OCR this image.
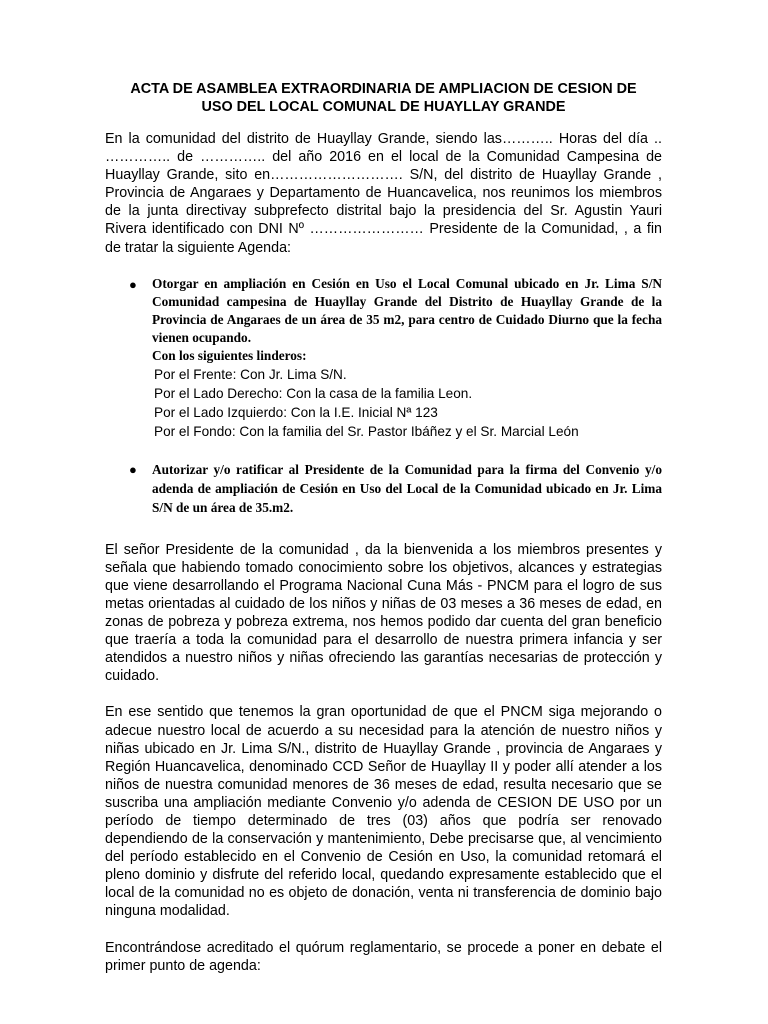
ACTA DE ASAMBLEA EXTRAORDINARIA DE AMPLIACION DE CESION DE
USO DEL LOCAL COMUNAL DE HUAYLLAY GRANDE

En la comunidad del distrito de Huayllay Grande, siendo las……….. Horas del día .. ………….. de ………….. del año 2016 en el local de la Comunidad Campesina de Huayllay Grande, sito en………………………. S/N, del distrito de Huayllay Grande , Provincia de Angaraes y Departamento de Huancavelica, nos reunimos los miembros de la junta directivay subprefecto distrital bajo la presidencia del Sr. Agustin Yauri Rivera identificado con DNI Nº …………………… Presidente de la Comunidad, , a fin de tratar la siguiente Agenda:

● Otorgar en ampliación en Cesión en Uso el Local Comunal ubicado en Jr. Lima S/N Comunidad campesina de Huayllay Grande del Distrito de Huayllay Grande de la Provincia de Angaraes de un área de 35 m2, para centro de Cuidado Diurno que la fecha vienen ocupando.

Con los siguientes linderos:

Por el Frente: Con Jr. Lima S/N.
Por el Lado Derecho: Con la casa de la familia Leon.
Por el Lado Izquierdo: Con la I.E. Inicial Nª 123
Por el Fondo: Con la familia del Sr. Pastor Ibáñez y el Sr. Marcial León
● Autorizar y/o ratificar al Presidente de la Comunidad para la firma del Convenio y/o adenda de ampliación de Cesión en Uso del Local de la Comunidad ubicado en Jr. Lima S/N de un área de 35.m2.

El señor Presidente de la comunidad , da la bienvenida a los miembros presentes y señala que habiendo tomado conocimiento sobre los objetivos, alcances y estrategias que viene desarrollando el Programa Nacional Cuna Más - PNCM para el logro de sus metas orientadas al cuidado de los niños y niñas de 03 meses a 36 meses de edad, en zonas de pobreza y pobreza extrema, nos hemos podido dar cuenta del gran beneficio que traería a toda la comunidad para el desarrollo de nuestra primera infancia y ser atendidos a nuestro niños y niñas ofreciendo las garantías necesarias de protección y cuidado.

En ese sentido que tenemos la gran oportunidad de que el PNCM siga mejorando o adecue nuestro local de acuerdo a su necesidad para la atención de nuestro niños y niñas ubicado en Jr. Lima S/N., distrito de Huayllay Grande , provincia de Angaraes y Región Huancavelica, denominado CCD Señor de Huayllay II y poder allí atender a los niños de nuestra comunidad menores de 36 meses de edad, resulta necesario que se suscriba una ampliación mediante Convenio y/o adenda de CESION DE USO por un período de tiempo determinado de tres (03) años que podría ser renovado dependiendo de la conservación y mantenimiento, Debe precisarse que, al vencimiento del período establecido en el Convenio de Cesión en Uso, la comunidad retomará el pleno dominio y disfrute del referido local, quedando expresamente establecido que el local de la comunidad no es objeto de donación, venta ni transferencia de dominio bajo ninguna modalidad.

Encontrándose acreditado el quórum reglamentario, se procede a poner en debate el primer punto de agenda:
